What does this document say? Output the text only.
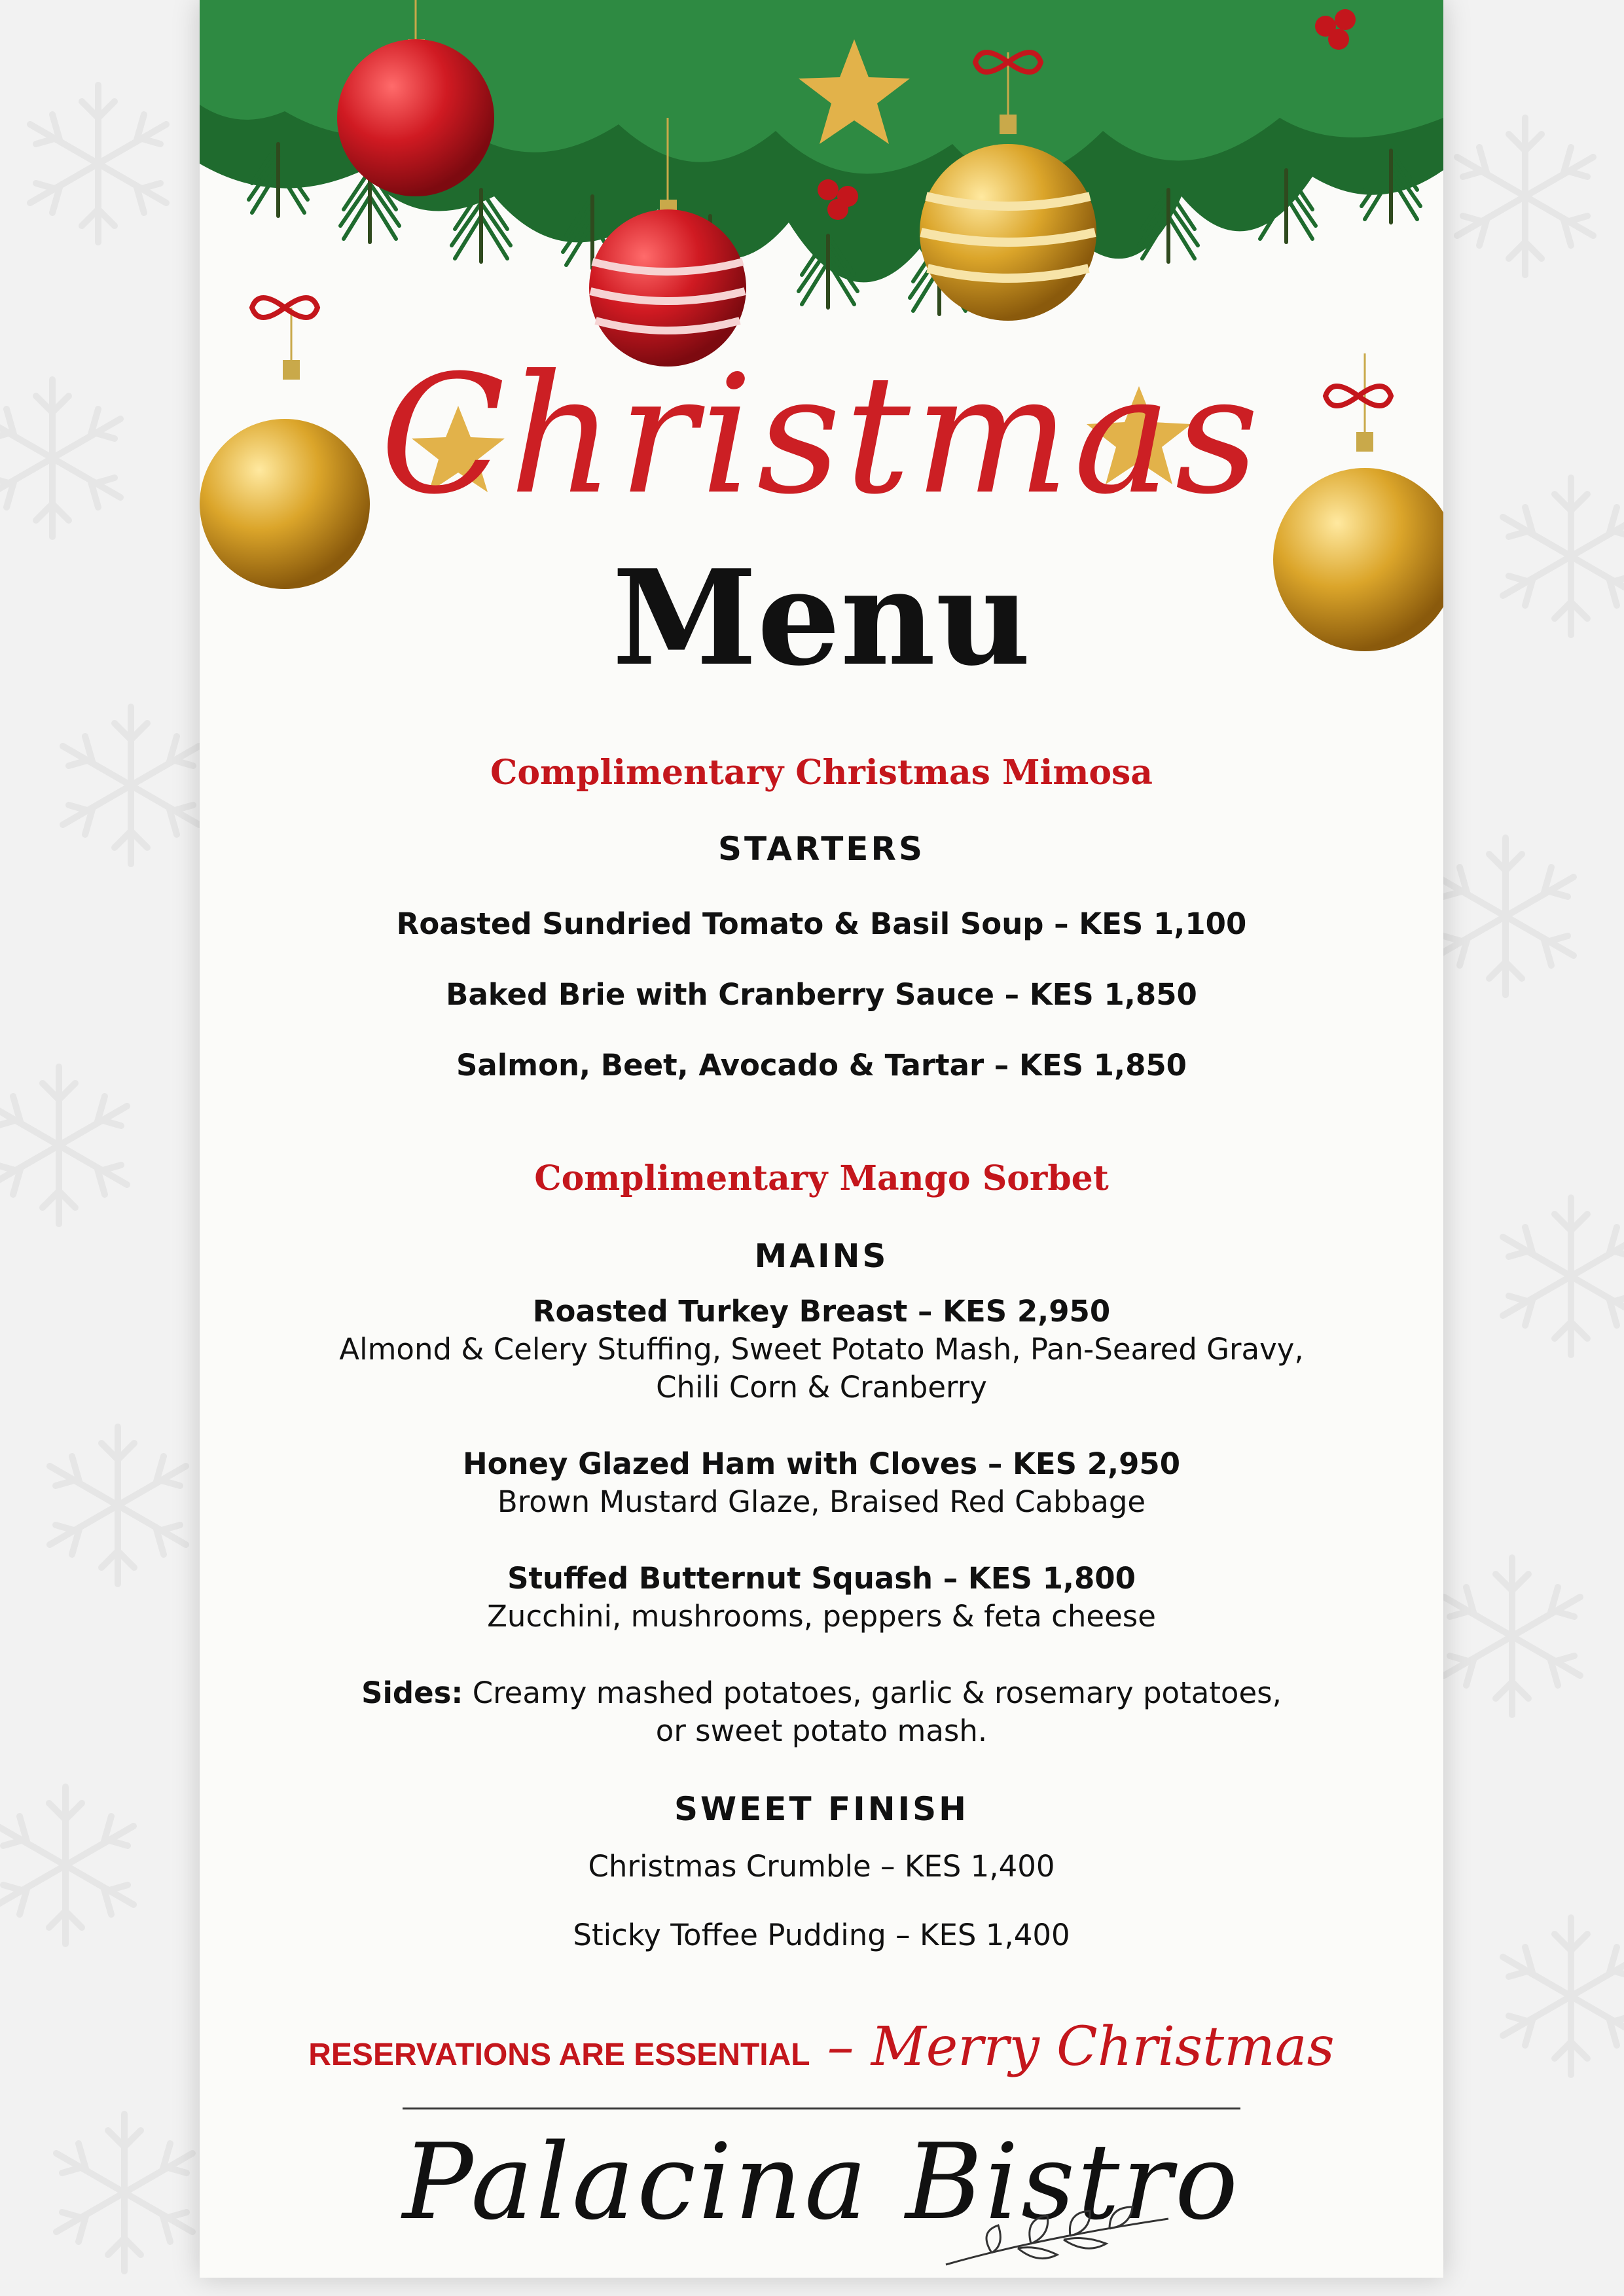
Christmas
Menu
Complimentary Christmas Mimosa
STARTERS
Roasted Sundried Tomato & Basil Soup – KES 1,100
Baked Brie with Cranberry Sauce – KES 1,850
Salmon, Beet, Avocado & Tartar – KES 1,850
Complimentary Mango Sorbet
MAINS
Roasted Turkey Breast – KES 2,950
Almond & Celery Stuffing, Sweet Potato Mash, Pan-Seared Gravy,
Chili Corn & Cranberry
Honey Glazed Ham with Cloves – KES 2,950
Brown Mustard Glaze, Braised Red Cabbage
Stuffed Butternut Squash – KES 1,800
Zucchini, mushrooms, peppers & feta cheese
Sides: Creamy mashed potatoes, garlic & rosemary potatoes,
or sweet potato mash.
SWEET FINISH
Christmas Crumble – KES 1,400
Sticky Toffee Pudding – KES 1,400
RESERVATIONS ARE ESSENTIAL – Merry Christmas
Palacina Bistro
